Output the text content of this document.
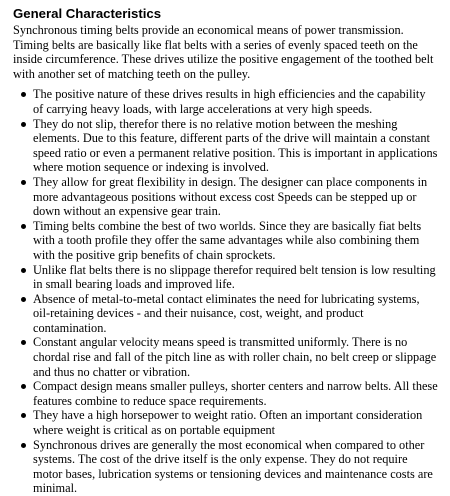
General Characteristics
Synchronous timing belts provide an economical means of power transmission. Timing belts are basically like flat belts with a series of evenly spaced teeth on the inside circumference. These drives utilize the positive engagement of the toothed belt with another set of matching teeth on the pulley.
The positive nature of these drives results in high efficiencies and the capability of carrying heavy loads, with large accelerations at very high speeds.
They do not slip, therefor there is no relative motion between the meshing elements. Due to this feature, different parts of the drive will maintain a constant speed ratio or even a permanent relative position. This is important in applications where motion sequence or indexing is involved.
They allow for great flexibility in design. The designer can place components in more advantageous positions without excess cost Speeds can be stepped up or down without an expensive gear train.
Timing belts combine the best of two worlds. Since they are basically fiat belts with a tooth profile they offer the same advantages while also combining them with the positive grip benefits of chain sprockets.
Unlike flat belts there is no slippage therefor required belt tension is low resulting in small bearing loads and improved life.
Absence of metal-to-metal contact eliminates the need for lubricating systems, oil-retaining devices - and their nuisance, cost, weight, and product contamination.
Constant angular velocity means speed is transmitted uniformly. There is no chordal rise and fall of the pitch line as with roller chain, no belt creep or slippage and thus no chatter or vibration.
Compact design means smaller pulleys, shorter centers and narrow belts. All these features combine to reduce space requirements.
They have a high horsepower to weight ratio. Often an important consideration where weight is critical as on portable equipment
Synchronous drives are generally the most economical when compared to other systems. The cost of the drive itself is the only expense. They do not require motor bases, lubrication systems or tensioning devices and maintenance costs are minimal.
